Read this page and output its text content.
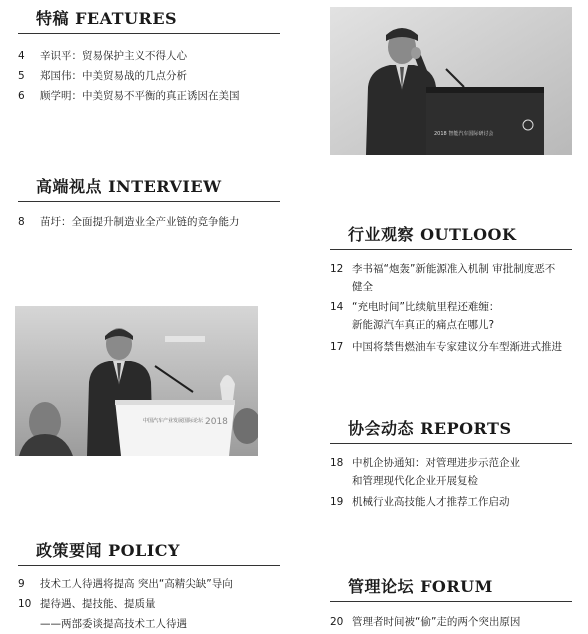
特稿 FEATURES
4	辛识平：贸易保护主义不得人心
5	郑国伟：中美贸易战的几点分析
6	顾学明：中美贸易不平衡的真正诱因在美国
高端视点 INTERVIEW
8	苗圩：全面提升制造业全产业链的竞争能力
政策要闻 POLICY
9	技术工人待遇将提高 突出“高精尖缺”导向
10 提待遇、提技能、提质量
——两部委谈提高技术工人待遇
行业观察 OUTLOOK
12 李书福“炮轰”新能源准入机制 审批制度恶不
健全
14 “充电时间”比续航里程还难缠：
新能源汽车真正的痛点在哪儿?
17 中国将禁售燃油车专家建议分车型渐进式推进
协会动态 REPORTS
18 中机企协通知：对管理进步示范企业
和管理现代化企业开展复检
19 机械行业高技能人才推荐工作启动
管理论坛 FORUM
20 管理者时间被“偷”走的两个突出原因
2018 智能汽车国际研讨会
中国汽车产业发展国际论坛 2018
